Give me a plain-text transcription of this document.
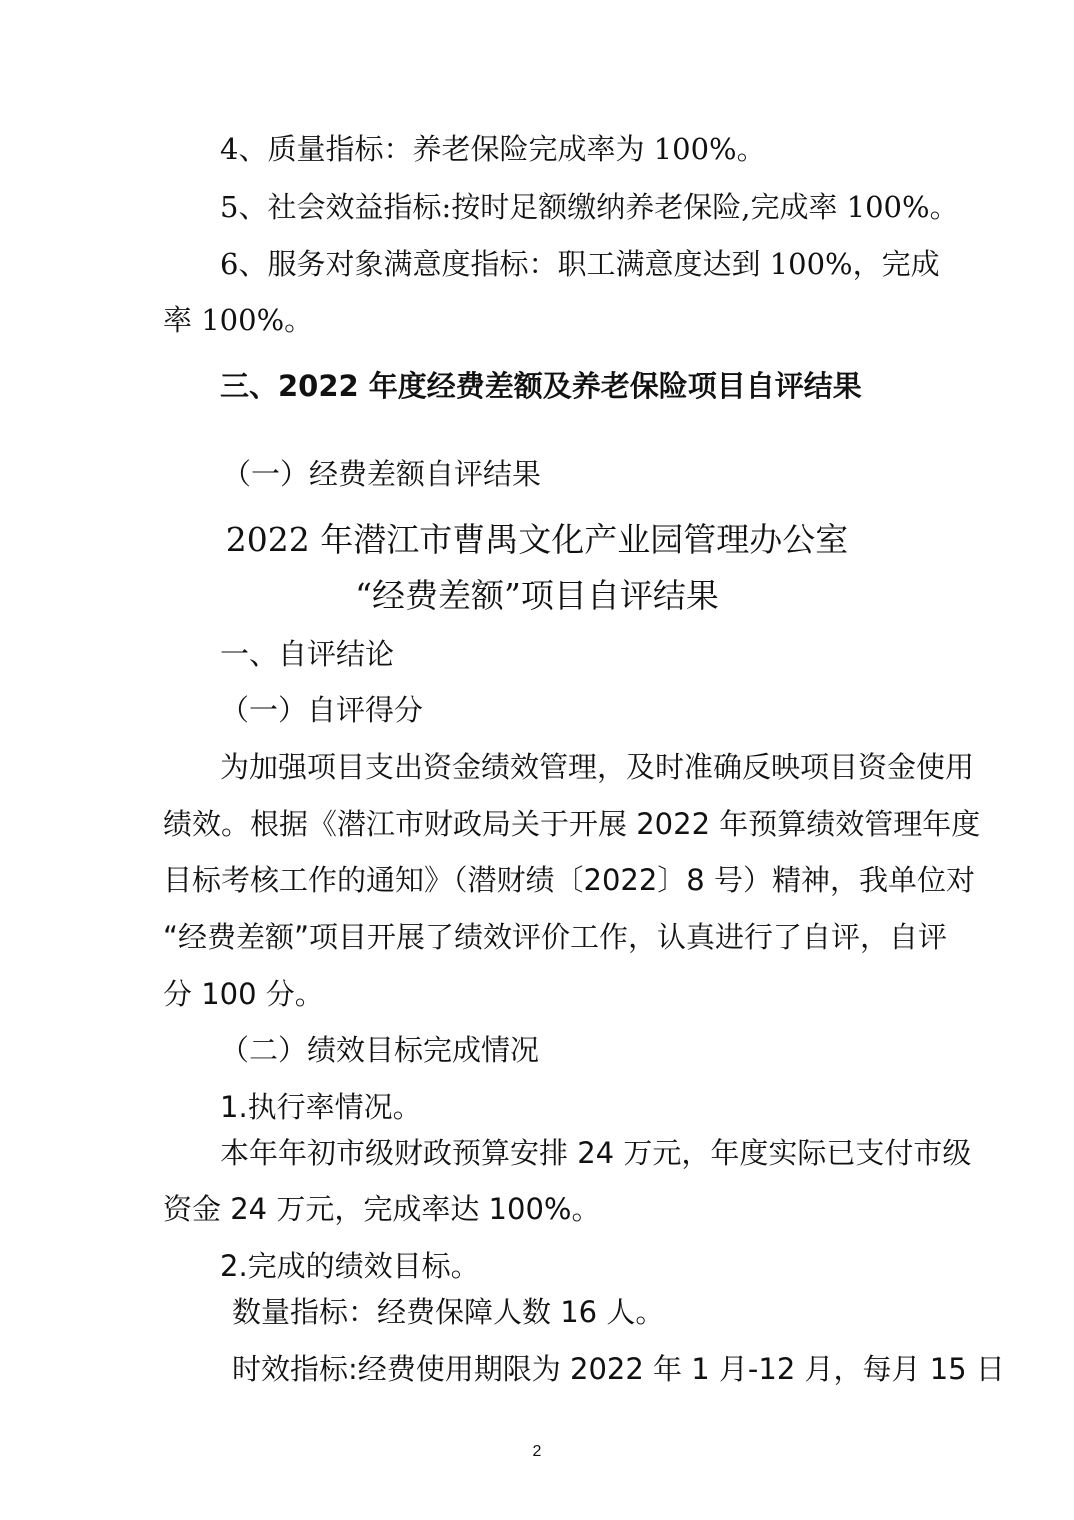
4、质量指标：养老保险完成率为 100%。
5、社会效益指标:按时足额缴纳养老保险,完成率 100%。
6、服务对象满意度指标：职工满意度达到 100%，完成
率 100%。
三、2022 年度经费差额及养老保险项目自评结果
（一）经费差额自评结果
2022 年潜江市曹禺文化产业园管理办公室
“经费差额”项目自评结果
一、自评结论
（一）自评得分
为加强项目支出资金绩效管理，及时准确反映项目资金使用
绩效。根据《潜江市财政局关于开展 2022 年预算绩效管理年度
目标考核工作的通知》（潜财绩〔2022〕8 号）精神，我单位对
“经费差额”项目开展了绩效评价工作，认真进行了自评，自评
分 100 分。
（二）绩效目标完成情况
1.执行率情况。
本年年初市级财政预算安排 24 万元，年度实际已支付市级
资金 24 万元，完成率达 100%。
2.完成的绩效目标。
数量指标：经费保障人数 16 人。
时效指标:经费使用期限为 2022 年 1 月-12 月，每月 15 日
2
